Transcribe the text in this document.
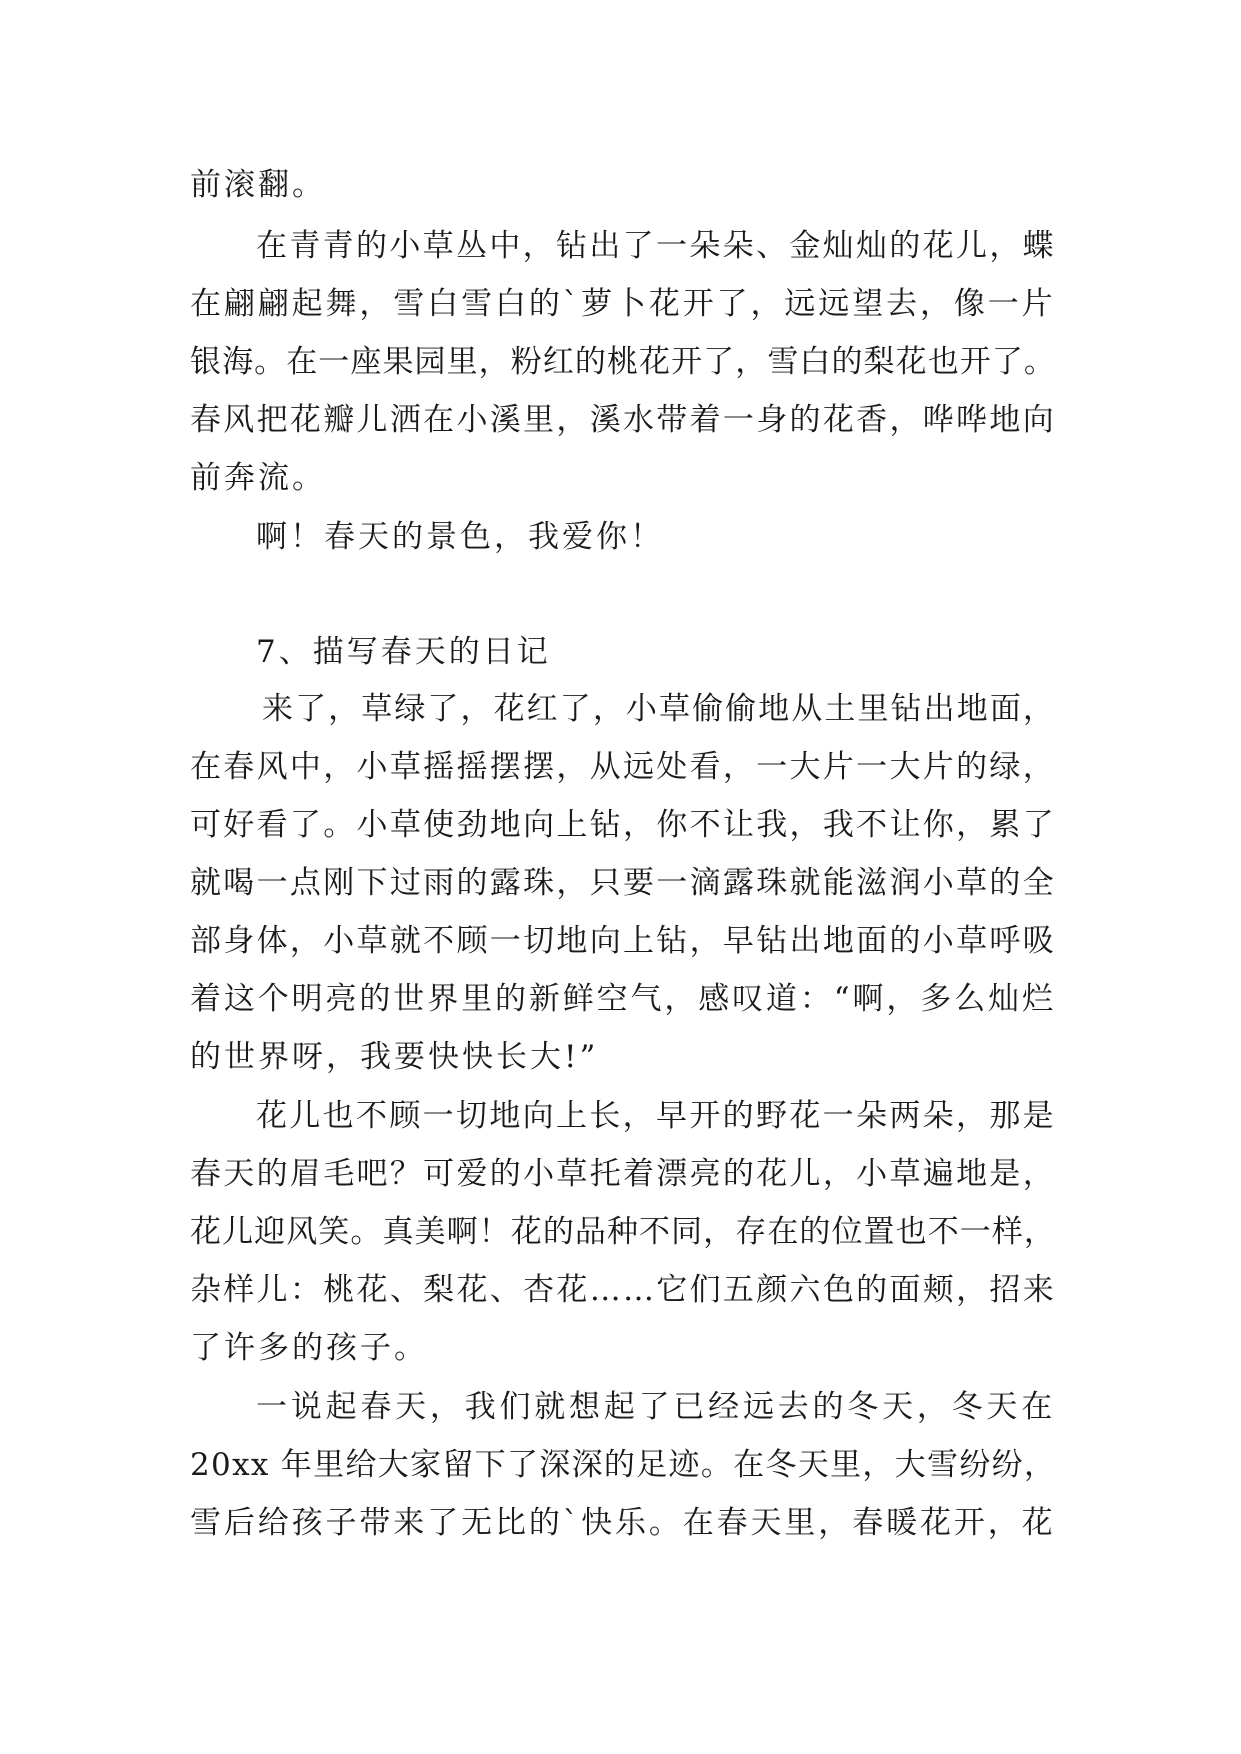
前滚翻。
在青青的小草丛中，钻出了一朵朵、金灿灿的花儿，蝶
在翩翩起舞，雪白雪白的`萝卜花开了，远远望去，像一片
银海。在一座果园里，粉红的桃花开了，雪白的梨花也开了。
春风把花瓣儿洒在小溪里，溪水带着一身的花香，哗哗地向
前奔流。
啊！春天的景色，我爱你！
7、描写春天的日记
来了，草绿了，花红了，小草偷偷地从土里钻出地面，
在春风中，小草摇摇摆摆，从远处看，一大片一大片的绿，
可好看了。小草使劲地向上钻，你不让我，我不让你，累了
就喝一点刚下过雨的露珠，只要一滴露珠就能滋润小草的全
部身体，小草就不顾一切地向上钻，早钻出地面的小草呼吸
着这个明亮的世界里的新鲜空气，感叹道：“啊，多么灿烂
的世界呀，我要快快长大!”
花儿也不顾一切地向上长，早开的野花一朵两朵，那是
春天的眉毛吧？可爱的小草托着漂亮的花儿，小草遍地是，
花儿迎风笑。真美啊！花的品种不同，存在的位置也不一样，
杂样儿：桃花、梨花、杏花……它们五颜六色的面颊，招来
了许多的孩子。
一说起春天，我们就想起了已经远去的冬天，冬天在
20xx 年里给大家留下了深深的足迹。在冬天里，大雪纷纷，
雪后给孩子带来了无比的`快乐。在春天里，春暖花开，花
